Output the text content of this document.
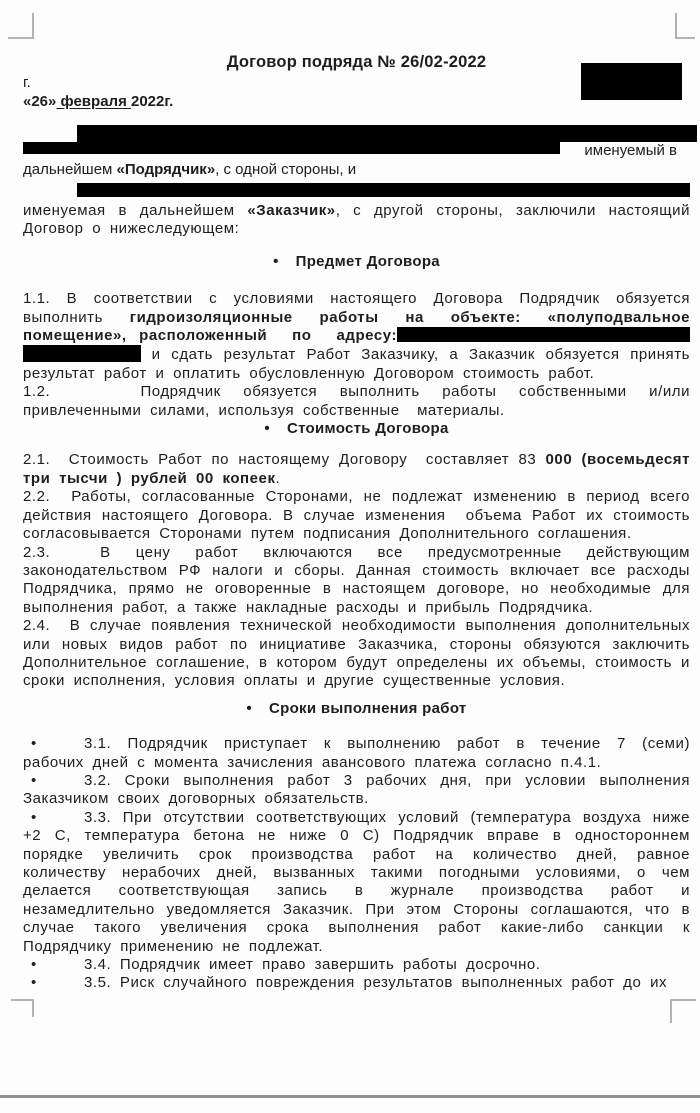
Договор подряда № 26/02-2022
г.
«26» февраля 2022г.
именуемый в
дальнейшем «Подрядчик», с одной стороны, и
именуемая в дальнейшем «Заказчик», с другой стороны, заключили настоящий Договор о нижеследующем:
• Предмет Договора
1.1. В соответствии с условиями настоящего Договора Подрядчик обязуется выполнить гидроизоляционные работы на объекте: «полуподвальное помещение», расположенный  по  адресу: и сдать результат Работ Заказчику, а Заказчик обязуется принять результат работ и оплатить обусловленную Договором стоимость работ.
1.2.    Подрядчик обязуется выполнить работы собственными и/или привлеченными силами, используя собственные  материалы.
• Стоимость Договора
2.1.  Стоимость Работ по настоящему Договору  составляет 83 000 (восемьдесят три тысчи ) рублей 00 копеек.
2.2.  Работы, согласованные Сторонами, не подлежат изменению в период всего действия настоящего Договора. В случае изменения  объема Работ их стоимость согласовывается Сторонами путем подписания Дополнительного соглашения.
2.3.  В цену работ включаются все предусмотренные действующим законодательством РФ налоги и сборы. Данная стоимость включает все расходы Подрядчика, прямо не оговоренные в настоящем договоре, но необходимые для выполнения работ, а также накладные расходы и прибыль Подрядчика.
2.4.  В случае появления технической необходимости выполнения дополнительных или новых видов работ по инициативе Заказчика, стороны обязуются заключить Дополнительное соглашение, в котором будут определены их объемы, стоимость и сроки исполнения, условия оплаты и другие существенные условия.
• Сроки выполнения работ
•	3.1. Подрядчик приступает к выполнению работ в течение 7 (семи) рабочих дней с момента зачисления авансового платежа согласно п.4.1.
•	3.2. Сроки выполнения работ 3 рабочих дня, при условии выполнения Заказчиком своих договорных обязательств.
•	3.3. При отсутствии соответствующих условий (температура воздуха ниже +2 С, температура бетона не ниже 0 С) Подрядчик вправе в одностороннем порядке увеличить срок производства работ на количество дней, равное количеству нерабочих дней, вызванных такими погодными условиями, о чем делается соответствующая запись в журнале производства работ и незамедлительно уведомляется Заказчик. При этом Стороны соглашаются, что в случае такого увеличения срока выполнения работ какие-либо санкции к Подрядчику применению не подлежат.
•	3.4. Подрядчик имеет право завершить работы досрочно.
•	3.5. Риск случайного повреждения результатов выполненных работ до их
